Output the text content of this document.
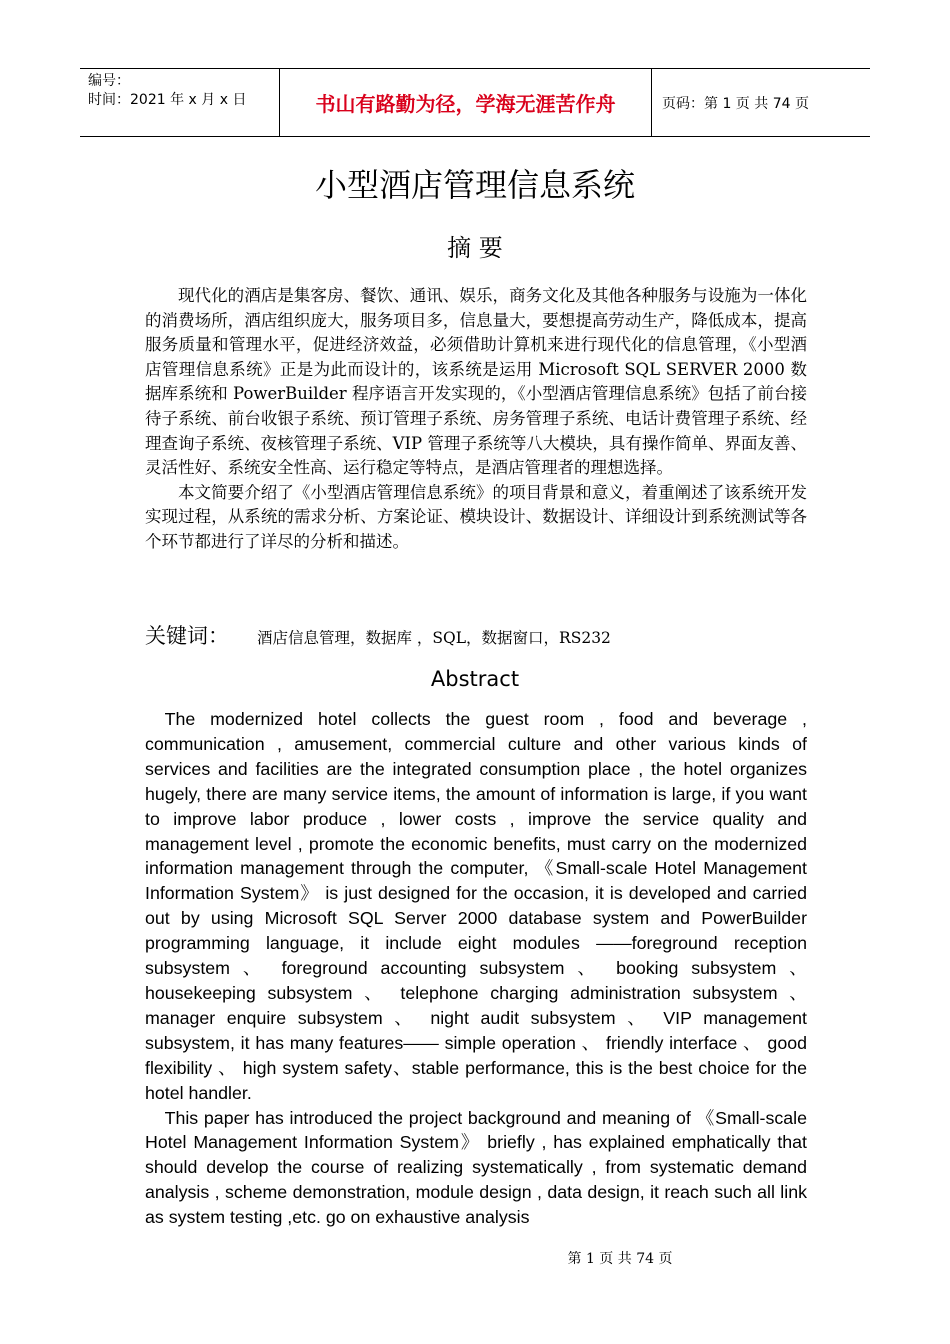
编号：
时间：2021 年 x 月 x 日	书山有路勤为径，学海无涯苦作舟	页码：第 1 页 共 74 页
小型酒店管理信息系统
摘 要

现代化的酒店是集客房、餐饮、通讯、娱乐，商务文化及其他各种服务与设施为一体化的消费场所，酒店组织庞大，服务项目多，信息量大，要想提高劳动生产，降低成本，提高服务质量和管理水平，促进经济效益，必须借助计算机来进行现代化的信息管理，《小型酒店管理信息系统》正是为此而设计的，该系统是运用 Microsoft SQL SERVER 2000 数据库系统和 PowerBuilder 程序语言开发实现的，《小型酒店管理信息系统》包括了前台接待子系统、前台收银子系统、预订管理子系统、房务管理子系统、电话计费管理子系统、经理查询子系统、夜核管理子系统、VIP 管理子系统等八大模块，具有操作简单、界面友善、灵活性好、系统安全性高、运行稳定等特点，是酒店管理者的理想选择。

本文简要介绍了《小型酒店管理信息系统》的项目背景和意义，着重阐述了该系统开发实现过程，从系统的需求分析、方案论证、模块设计、数据设计、详细设计到系统测试等各个环节都进行了详尽的分析和描述。

关键词： 酒店信息管理，数据库 ，SQL，数据窗口，RS232
Abstract

The modernized hotel collects the guest room , food and beverage , communication , amusement, commercial culture and other various kinds of services and facilities are the integrated consumption place , the hotel organizes hugely, there are many service items, the amount of information is large, if you want to improve labor produce , lower costs , improve the service quality and management level , promote the economic benefits, must carry on the modernized information management through the computer, 《Small-scale Hotel Management Information System》 is just designed for the occasion, it is developed and carried out by using Microsoft SQL Server 2000 database system and PowerBuilder programming language, it include eight modules ——foreground reception subsystem 、 foreground accounting subsystem 、 booking subsystem 、 housekeeping subsystem 、 telephone charging administration subsystem 、 manager enquire subsystem 、 night audit subsystem 、 VIP management subsystem, it has many features—— simple operation 、 friendly interface 、 good flexibility 、 high system safety、stable performance, this is the best choice for the hotel handler.

This paper has introduced the project background and meaning of 《Small-scale Hotel Management Information System》 briefly , has explained emphatically that should develop the course of realizing systematically , from systematic demand analysis , scheme demonstration, module design , data design, it reach such all link as system testing ,etc. go on exhaustive analysis

第 1 页 共 74 页
